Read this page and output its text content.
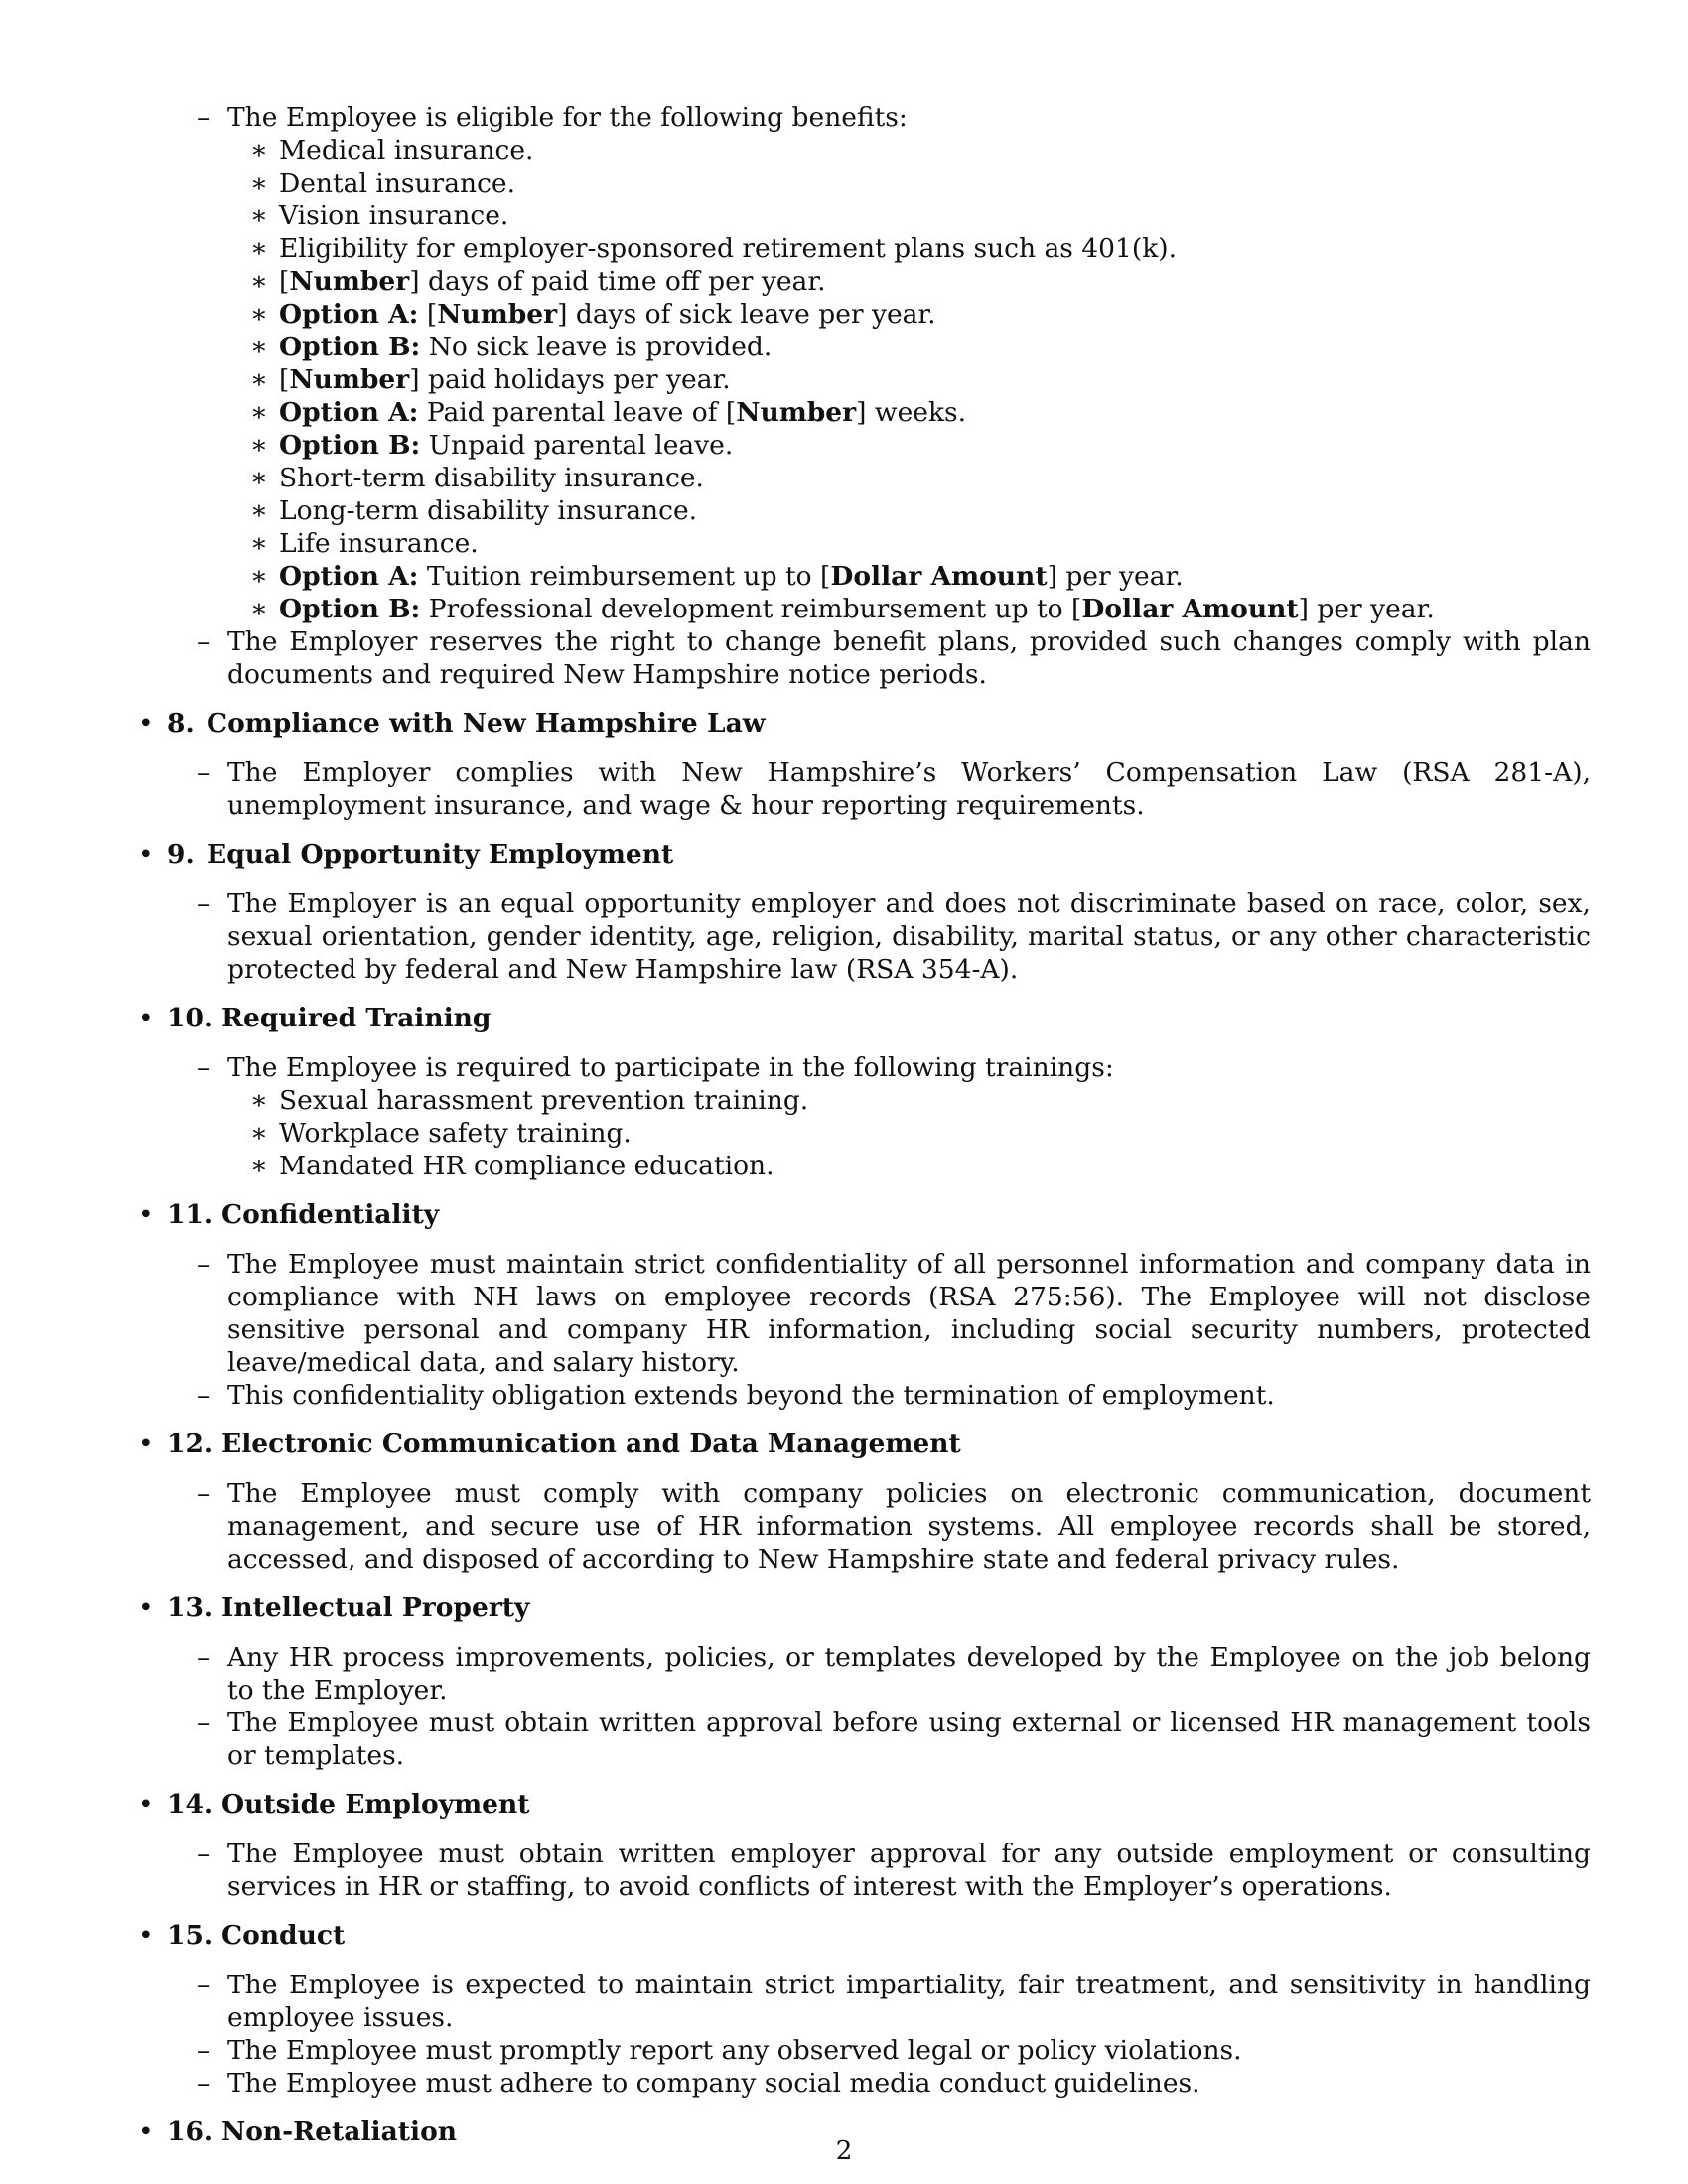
– The Employee is eligible for the following benefits:
∗ Medical insurance.
∗ Dental insurance.
∗ Vision insurance.
∗ Eligibility for employer-sponsored retirement plans such as 401(k).
∗ [Number] days of paid time off per year.
∗ Option A: [Number] days of sick leave per year.
∗ Option B: No sick leave is provided.
∗ [Number] paid holidays per year.
∗ Option A: Paid parental leave of [Number] weeks.
∗ Option B: Unpaid parental leave.
∗ Short-term disability insurance.
∗ Long-term disability insurance.
∗ Life insurance.
∗ Option A: Tuition reimbursement up to [Dollar Amount] per year.
∗ Option B: Professional development reimbursement up to [Dollar Amount] per year.
– The Employer reserves the right to change benefit plans, provided such changes comply with plan documents and required New Hampshire notice periods.
• 8. Compliance with New Hampshire Law
– The Employer complies with New Hampshire’s Workers’ Compensation Law (RSA 281-A), unemployment insurance, and wage & hour reporting requirements.
• 9. Equal Opportunity Employment
– The Employer is an equal opportunity employer and does not discriminate based on race, color, sex, sexual orientation, gender identity, age, religion, disability, marital status, or any other characteristic protected by federal and New Hampshire law (RSA 354-A).
• 10. Required Training
– The Employee is required to participate in the following trainings:
∗ Sexual harassment prevention training.
∗ Workplace safety training.
∗ Mandated HR compliance education.
• 11. Confidentiality
– The Employee must maintain strict confidentiality of all personnel information and company data in compliance with NH laws on employee records (RSA 275:56). The Employee will not disclose sensitive personal and company HR information, including social security numbers, protected leave/medical data, and salary history.
– This confidentiality obligation extends beyond the termination of employment.
• 12. Electronic Communication and Data Management
– The Employee must comply with company policies on electronic communication, document management, and secure use of HR information systems. All employee records shall be stored, accessed, and disposed of according to New Hampshire state and federal privacy rules.
• 13. Intellectual Property
– Any HR process improvements, policies, or templates developed by the Employee on the job belong to the Employer.
– The Employee must obtain written approval before using external or licensed HR management tools or templates.
• 14. Outside Employment
– The Employee must obtain written employer approval for any outside employment or consulting services in HR or staffing, to avoid conflicts of interest with the Employer’s operations.
• 15. Conduct
– The Employee is expected to maintain strict impartiality, fair treatment, and sensitivity in handling employee issues.
– The Employee must promptly report any observed legal or policy violations.
– The Employee must adhere to company social media conduct guidelines.
• 16. Non-Retaliation
2
